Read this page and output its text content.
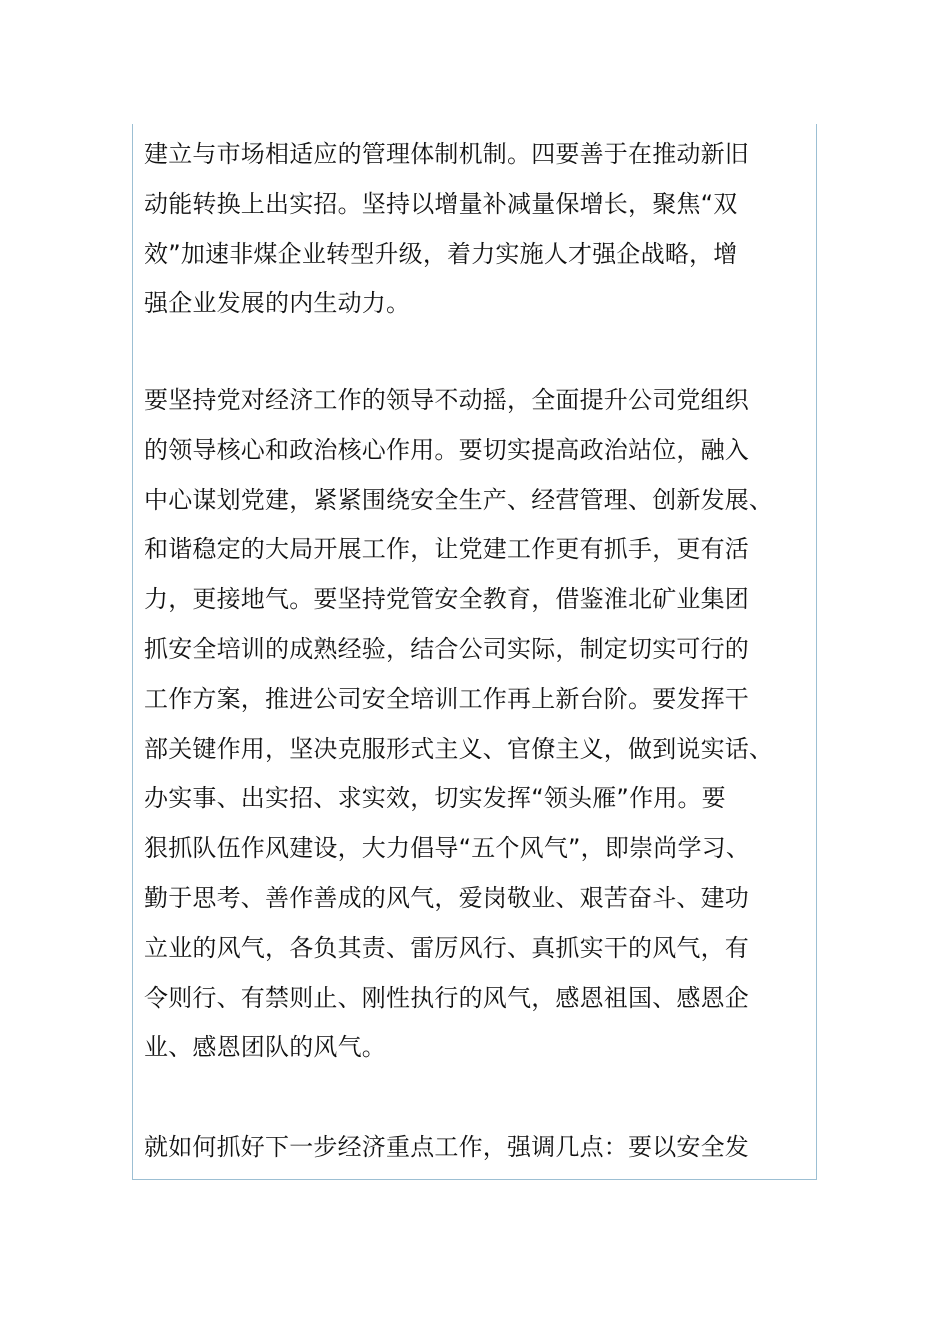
建立与市场相适应的管理体制机制。四要善于在推动新旧
动能转换上出实招。坚持以增量补减量保增长，聚焦“双
效”加速非煤企业转型升级，着力实施人才强企战略，增
强企业发展的内生动力。
要坚持党对经济工作的领导不动摇，全面提升公司党组织
的领导核心和政治核心作用。要切实提高政治站位，融入
中心谋划党建，紧紧围绕安全生产、经营管理、创新发展、
和谐稳定的大局开展工作，让党建工作更有抓手，更有活
力，更接地气。要坚持党管安全教育，借鉴淮北矿业集团
抓安全培训的成熟经验，结合公司实际，制定切实可行的
工作方案，推进公司安全培训工作再上新台阶。要发挥干
部关键作用，坚决克服形式主义、官僚主义，做到说实话、
办实事、出实招、求实效，切实发挥“领头雁”作用。要
狠抓队伍作风建设，大力倡导“五个风气”，即崇尚学习、
勤于思考、善作善成的风气，爱岗敬业、艰苦奋斗、建功
立业的风气，各负其责、雷厉风行、真抓实干的风气，有
令则行、有禁则止、刚性执行的风气，感恩祖国、感恩企
业、感恩团队的风气。
就如何抓好下一步经济重点工作，强调几点：要以安全发
